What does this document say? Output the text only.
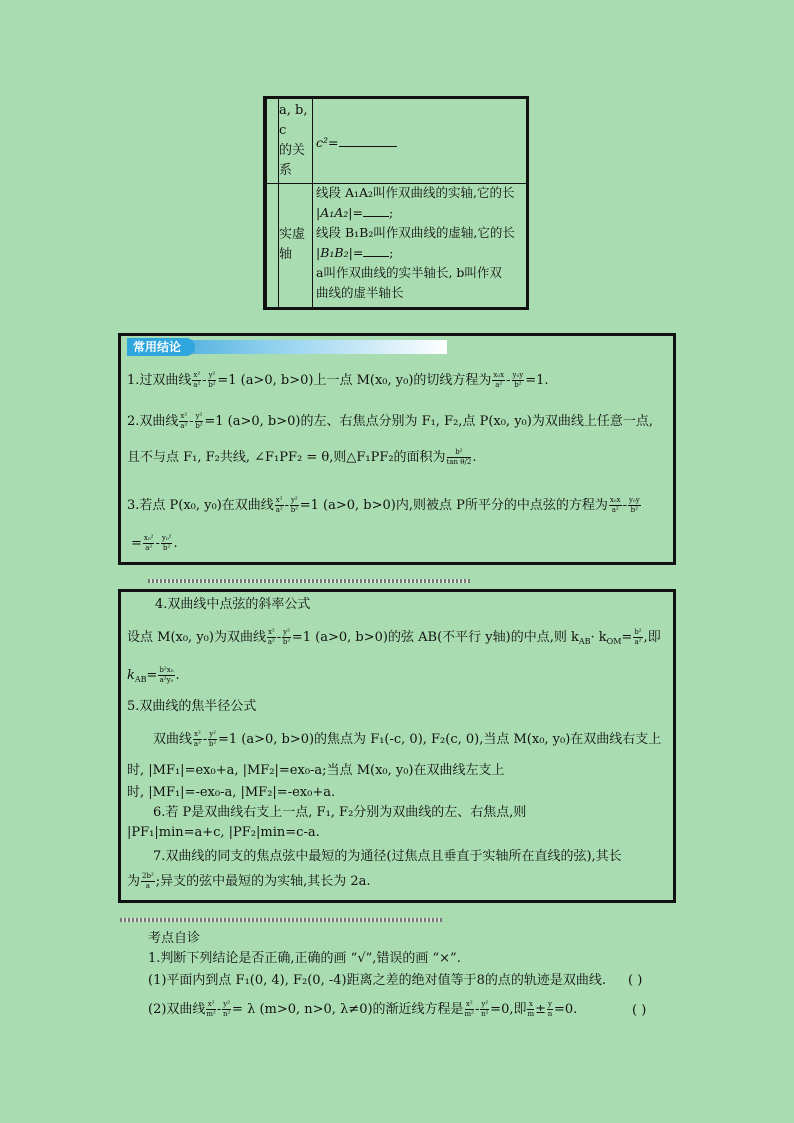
a, b,
c
的关
系
c²=
实虚
轴
线段 A₁A₂叫作双曲线的实轴,它的长
|A₁A₂|= ;
线段 B₁B₂叫作双曲线的虚轴,它的长
|B₁B₂|= ;
a叫作双曲线的实半轴长, b叫作双
曲线的虚半轴长
常用结论
1.过双曲线 $\frac{\text{x²}}{\text{a²}} - \frac{\text{y²}}{\text{b²}} =1$ (a>0, b>0)上一点 M(x₀, y₀)的切线方程为 $\frac{\text{x₀x}}{\text{a²}} - \frac{\text{y₀y}}{\text{b²}} =1$.
2.双曲线 $\frac{\text{x²}}{\text{a²}} - \frac{\text{y²}}{\text{b²}} =1$ (a>0, b>0)的左、右焦点分别为 F₁, F₂,点 P(x₀, y₀)为双曲线上任意一点,
且不与点 F₁, F₂共线, ∠F₁PF₂ = θ,则△F₁PF₂的面积为 $\frac{\text{b²}}{\text{tan θ/2}}$ .
3.若点 P(x₀, y₀)在双曲线 $\frac{\text{x²}}{\text{a²}} - \frac{\text{y²}}{\text{b²}} =1$ (a>0, b>0)内,则被点 P所平分的中点弦的方程为 $\frac{\text{x₀x}}{\text{a²}} - \frac{\text{y₀y}}{\text{b²}}$
= $\frac{\text{x₀²}}{\text{a²}} - \frac{\text{y₀²}}{\text{b²}}$ .
4.双曲线中点弦的斜率公式
设点 M(x₀, y₀)为双曲线 $\frac{\text{x²}}{\text{a²}} - \frac{\text{y²}}{\text{b²}} =1$ (a>0, b>0)的弦 AB(不平行 y轴)的中点,则 $k_{AB}\cdot k_{OM}= \frac{\text{b²}}{\text{a²}}$ ,即
$k_{AB}= \frac{\text{b²x₀}}{\text{a²y₀}}$ .
5.双曲线的焦半径公式
双曲线 $\frac{\text{x²}}{\text{a²}} - \frac{\text{y²}}{\text{b²}} =1$ (a>0, b>0)的焦点为 F₁(-c, 0), F₂(c, 0),当点 M(x₀, y₀)在双曲线右支上
时, |MF₁|=ex₀+a, |MF₂|=ex₀-a;当点 M(x₀, y₀)在双曲线左支上
时, |MF₁|=-ex₀-a, |MF₂|=-ex₀+a.
6.若 P是双曲线右支上一点, F₁, F₂分别为双曲线的左、右焦点,则
|PF₁|min=a+c, |PF₂|min=c-a.
7.双曲线的同支的焦点弦中最短的为通径(过焦点且垂直于实轴所在直线的弦),其长
为 $\frac{\text{2b²}}{a}$ ;异支的弦中最短的为实轴,其长为 2a.
考点自诊
1.判断下列结论是否正确,正确的画 “√”,错误的画 “×”.
(1)平面内到点 F₁(0, 4), F₂(0, -4)距离之差的绝对值等于8的点的轨迹是双曲线. ( )
(2)双曲线 $\frac{\text{x²}}{\text{m²}} - \frac{\text{y²}}{\text{n²}} = \lambda$ (m>0, n>0, λ≠0)的渐近线方程是 $\frac{\text{x²}}{\text{m²}} - \frac{\text{y²}}{\text{n²}} =0$,即 $\frac{x}{m} \pm \frac{y}{n} =0$.	( )
